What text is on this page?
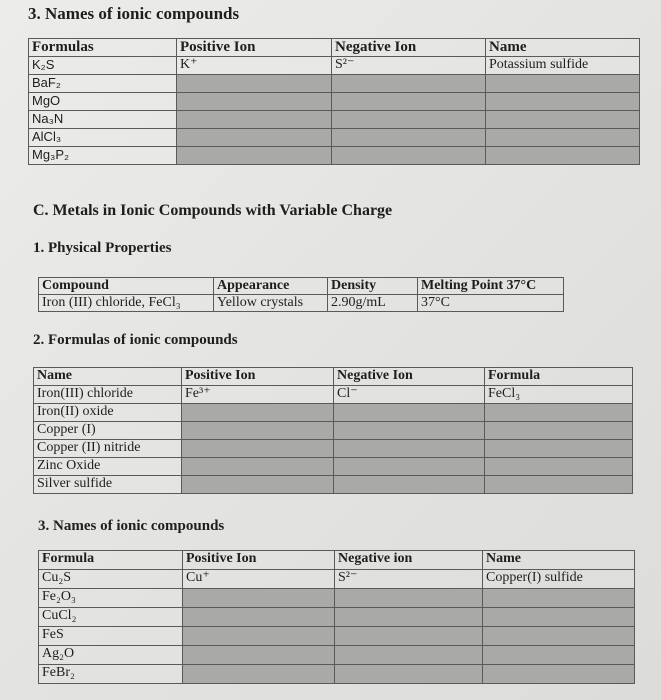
3. Names of ionic compounds
Formulas	Positive Ion	Negative Ion	Name
K₂S	K⁺	S²⁻	Potassium sulfide
BaF₂			
MgO			
Na₃N			
AlCl₃			
Mg₃P₂			
C. Metals in Ionic Compounds with Variable Charge
1. Physical Properties
Compound	Appearance	Density	Melting Point 37°C
Iron (III) chloride, FeCl₃	Yellow crystals	2.90g/mL	37°C
2. Formulas of ionic compounds
Name	Positive Ion	Negative Ion	Formula
Iron(III) chloride	Fe³⁺	Cl⁻	FeCl₃
Iron(II) oxide			
Copper (I)			
Copper (II) nitride			
Zinc Oxide			
Silver sulfide			
3. Names of ionic compounds
Formula	Positive Ion	Negative ion	Name
Cu₂S	Cu⁺	S²⁻	Copper(I) sulfide
Fe₂O₃			
CuCl₂			
FeS			
Ag₂O			
FeBr₂			
